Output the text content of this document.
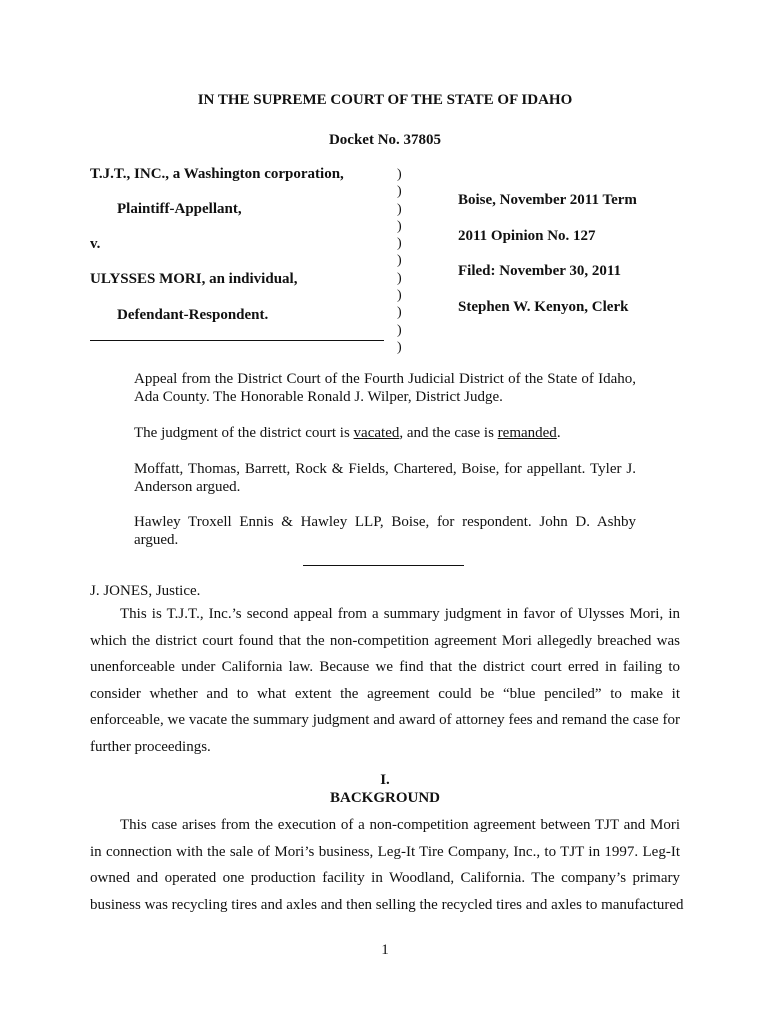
IN THE SUPREME COURT OF THE STATE OF IDAHO
Docket No. 37805
T.J.T., INC., a Washington corporation,
Plaintiff-Appellant,
v.
ULYSSES MORI, an individual,
Defendant-Respondent.
)
)
)
)
)
)
)
)
)
)
)
Boise, November 2011 Term
2011 Opinion No. 127
Filed: November 30, 2011
Stephen W. Kenyon, Clerk
Appeal from the District Court of the Fourth Judicial District of the State of Idaho, Ada County. The Honorable Ronald J. Wilper, District Judge.
The judgment of the district court is vacated, and the case is remanded.
Moffatt, Thomas, Barrett, Rock & Fields, Chartered, Boise, for appellant. Tyler J. Anderson argued.
Hawley Troxell Ennis & Hawley LLP, Boise, for respondent. John D. Ashby argued.
J. JONES, Justice.
This is T.J.T., Inc.’s second appeal from a summary judgment in favor of Ulysses Mori, in
which the district court found that the non-competition agreement Mori allegedly breached was
unenforceable under California law. Because we find that the district court erred in failing to
consider whether and to what extent the agreement could be “blue penciled” to make it
enforceable, we vacate the summary judgment and award of attorney fees and remand the case for
further proceedings.
I.
BACKGROUND
This case arises from the execution of a non-competition agreement between TJT and Mori
in connection with the sale of Mori’s business, Leg-It Tire Company, Inc., to TJT in 1997. Leg-It
owned and operated one production facility in Woodland, California. The company’s primary
business was recycling tires and axles and then selling the recycled tires and axles to manufactured
1
